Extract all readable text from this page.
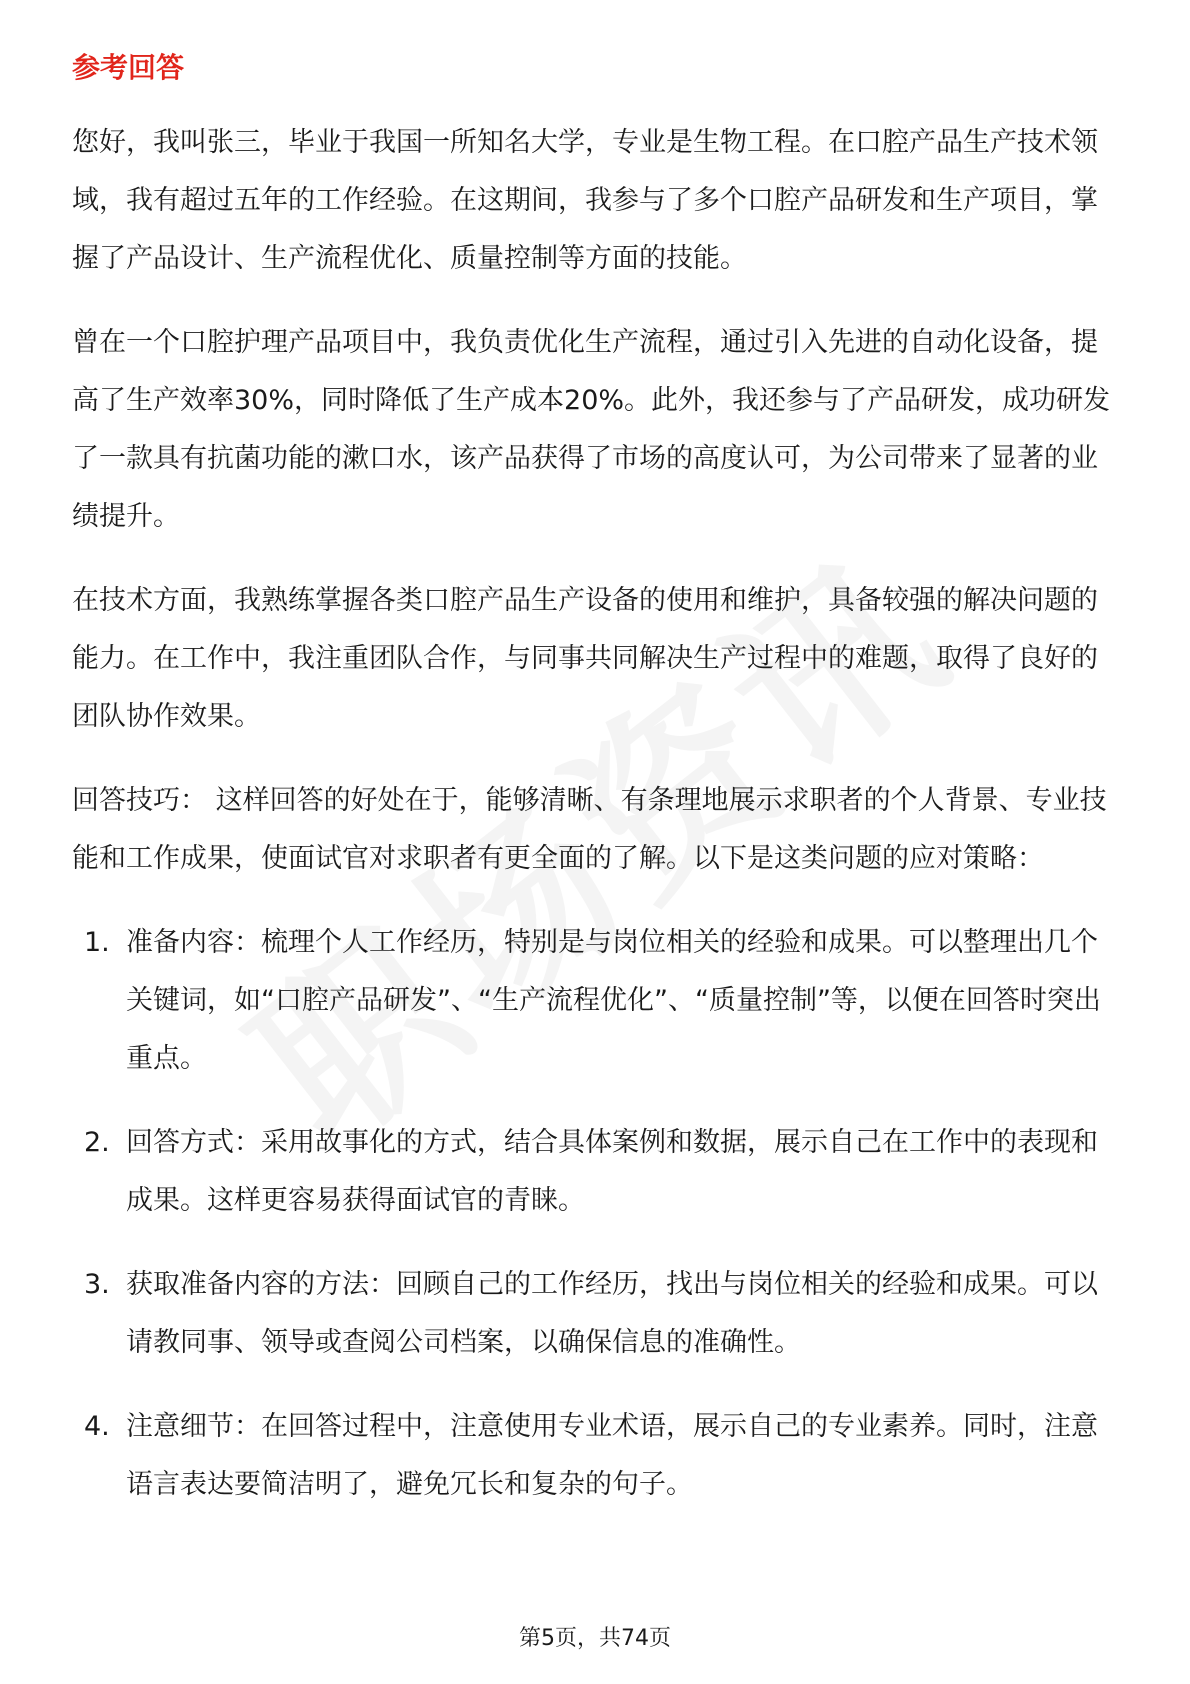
参考回答

您好，我叫张三，毕业于我国一所知名大学，专业是生物工程。在口腔产品生产技术领域，我有超过五年的工作经验。在这期间，我参与了多个口腔产品研发和生产项目，掌握了产品设计、生产流程优化、质量控制等方面的技能。

曾在一个口腔护理产品项目中，我负责优化生产流程，通过引入先进的自动化设备，提高了生产效率30%，同时降低了生产成本20%。此外，我还参与了产品研发，成功研发了一款具有抗菌功能的漱口水，该产品获得了市场的高度认可，为公司带来了显著的业绩提升。

在技术方面，我熟练掌握各类口腔产品生产设备的使用和维护，具备较强的解决问题的能力。在工作中，我注重团队合作，与同事共同解决生产过程中的难题，取得了良好的团队协作效果。

回答技巧： 这样回答的好处在于，能够清晰、有条理地展示求职者的个人背景、专业技能和工作成果，使面试官对求职者有更全面的了解。以下是这类问题的应对策略：

1. 准备内容：梳理个人工作经历，特别是与岗位相关的经验和成果。可以整理出几个关键词，如“口腔产品研发”、“生产流程优化”、“质量控制”等，以便在回答时突出重点。
2. 回答方式：采用故事化的方式，结合具体案例和数据，展示自己在工作中的表现和成果。这样更容易获得面试官的青睐。
3. 获取准备内容的方法：回顾自己的工作经历，找出与岗位相关的经验和成果。可以请教同事、领导或查阅公司档案，以确保信息的准确性。
4. 注意细节：在回答过程中，注意使用专业术语，展示自己的专业素养。同时，注意语言表达要简洁明了，避免冗长和复杂的句子。
第5页，共74页
